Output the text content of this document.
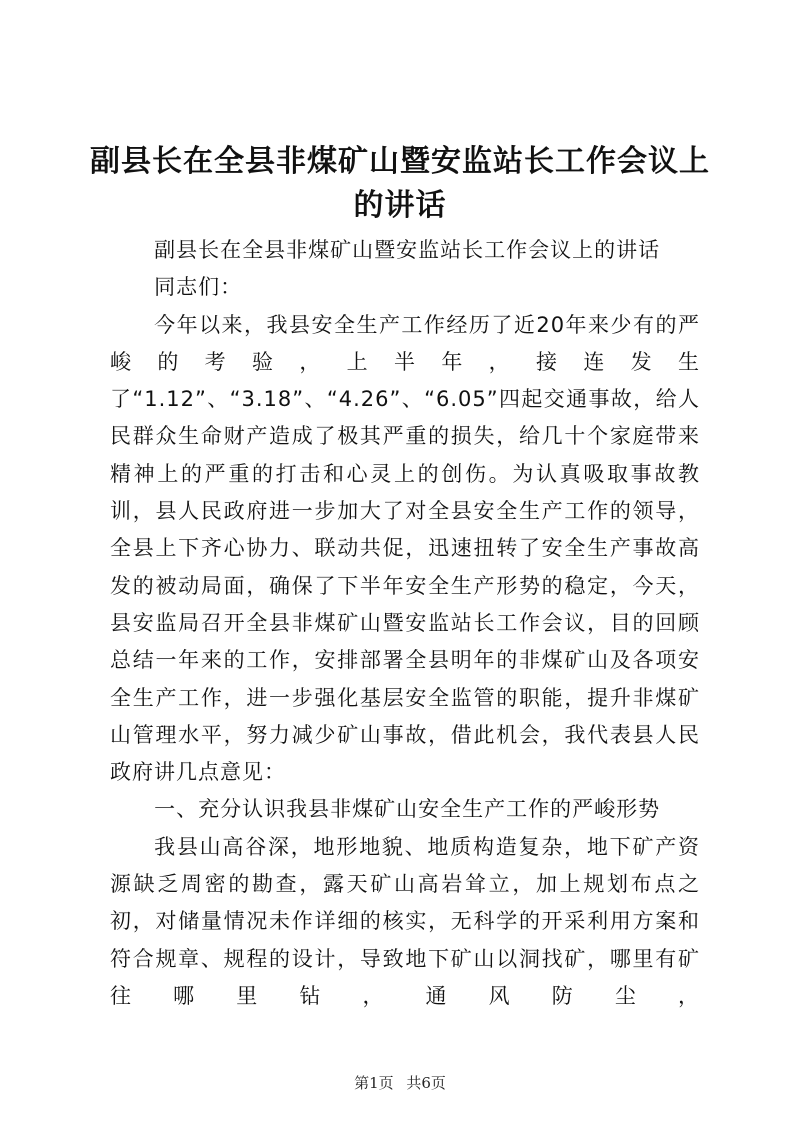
副县长在全县非煤矿山暨安监站长工作会议上的讲话

副县长在全县非煤矿山暨安监站长工作会议上的讲话

同志们：

今年以来，我县安全生产工作经历了近20年来少有的严峻的考验，上半年，接连发生了“1.12”、“3.18”、“4.26”、“6.05”四起交通事故，给人民群众生命财产造成了极其严重的损失，给几十个家庭带来精神上的严重的打击和心灵上的创伤。为认真吸取事故教训，县人民政府进一步加大了对全县安全生产工作的领导，全县上下齐心协力、联动共促，迅速扭转了安全生产事故高发的被动局面，确保了下半年安全生产形势的稳定，今天，县安监局召开全县非煤矿山暨安监站长工作会议，目的回顾总结一年来的工作，安排部署全县明年的非煤矿山及各项安全生产工作，进一步强化基层安全监管的职能，提升非煤矿山管理水平，努力减少矿山事故，借此机会，我代表县人民政府讲几点意见：

一、充分认识我县非煤矿山安全生产工作的严峻形势

我县山高谷深，地形地貌、地质构造复杂，地下矿产资源缺乏周密的勘查，露天矿山高岩耸立，加上规划布点之初，对储量情况未作详细的核实，无科学的开采利用方案和符合规章、规程的设计，导致地下矿山以洞找矿，哪里有矿往哪里钻，通风防尘，

第1页 共6页
